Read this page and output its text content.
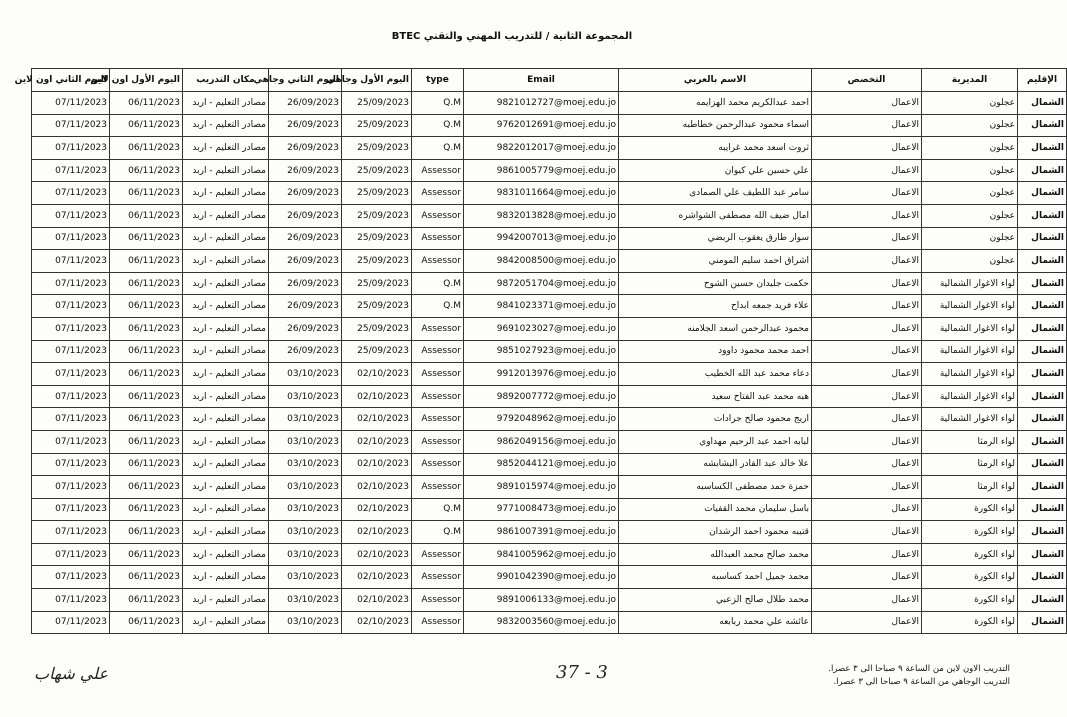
المجموعة الثانية / للتدريب المهني والتقني BTEC
الإقليم	المديرية	التخصص	الاسم بالعربي	Email	type	اليوم الأول وجاهي	اليوم الثاني وجاهي	مكان التدريب	اليوم الأول اون لاين	اليوم الثاني اون لاين
الشمال	عجلون	الاعمال	احمد عبدالكريم محمد الهزايمه	9821012727@moej.edu.jo	Q.M	25/09/2023	26/09/2023	مصادر التعليم - اربد	06/11/2023	07/11/2023
الشمال	عجلون	الاعمال	اسماء محمود عبدالرحمن خطاطبه	9762012691@moej.edu.jo	Q.M	25/09/2023	26/09/2023	مصادر التعليم - اربد	06/11/2023	07/11/2023
الشمال	عجلون	الاعمال	ثروت اسعد محمد غرايبه	9822012017@moej.edu.jo	Q.M	25/09/2023	26/09/2023	مصادر التعليم - اربد	06/11/2023	07/11/2023
الشمال	عجلون	الاعمال	علي حسين علي كيوان	9861005779@moej.edu.jo	Assessor	25/09/2023	26/09/2023	مصادر التعليم - اربد	06/11/2023	07/11/2023
الشمال	عجلون	الاعمال	سامر عبد اللطيف علي الصمادى	9831011664@moej.edu.jo	Assessor	25/09/2023	26/09/2023	مصادر التعليم - اربد	06/11/2023	07/11/2023
الشمال	عجلون	الاعمال	امال ضيف الله مصطفى الشواشره	9832013828@moej.edu.jo	Assessor	25/09/2023	26/09/2023	مصادر التعليم - اربد	06/11/2023	07/11/2023
الشمال	عجلون	الاعمال	سوار طارق يعقوب الربضي	9942007013@moej.edu.jo	Assessor	25/09/2023	26/09/2023	مصادر التعليم - اربد	06/11/2023	07/11/2023
الشمال	عجلون	الاعمال	اشراق احمد سليم المومني	9842008500@moej.edu.jo	Assessor	25/09/2023	26/09/2023	مصادر التعليم - اربد	06/11/2023	07/11/2023
الشمال	لواء الاغوار الشمالية	الاعمال	حكمت جليدان حسين الشوح	9872051704@moej.edu.jo	Q.M	25/09/2023	26/09/2023	مصادر التعليم - اربد	06/11/2023	07/11/2023
الشمال	لواء الاغوار الشمالية	الاعمال	علاء فريد جمعه ابداح	9841023371@moej.edu.jo	Q.M	25/09/2023	26/09/2023	مصادر التعليم - اربد	06/11/2023	07/11/2023
الشمال	لواء الاغوار الشمالية	الاعمال	محمود عبدالرحمن اسعد الجلامنه	9691023027@moej.edu.jo	Assessor	25/09/2023	26/09/2023	مصادر التعليم - اربد	06/11/2023	07/11/2023
الشمال	لواء الاغوار الشمالية	الاعمال	احمد محمد محمود داوود	9851027923@moej.edu.jo	Assessor	25/09/2023	26/09/2023	مصادر التعليم - اربد	06/11/2023	07/11/2023
الشمال	لواء الاغوار الشمالية	الاعمال	دعاء محمد عبد الله الخطيب	9912013976@moej.edu.jo	Assessor	02/10/2023	03/10/2023	مصادر التعليم - اربد	06/11/2023	07/11/2023
الشمال	لواء الاغوار الشمالية	الاعمال	هبه محمد عبد الفتاح سعيد	9892007772@moej.edu.jo	Assessor	02/10/2023	03/10/2023	مصادر التعليم - اربد	06/11/2023	07/11/2023
الشمال	لواء الاغوار الشمالية	الاعمال	اريج محمود صالح جرادات	9792048962@moej.edu.jo	Assessor	02/10/2023	03/10/2023	مصادر التعليم - اربد	06/11/2023	07/11/2023
الشمال	لواء الرمثا	الاعمال	لبابه احمد عبد الرحيم مهداوي	9862049156@moej.edu.jo	Assessor	02/10/2023	03/10/2023	مصادر التعليم - اربد	06/11/2023	07/11/2023
الشمال	لواء الرمثا	الاعمال	علا خالد عبد القادر البشابشه	9852044121@moej.edu.jo	Assessor	02/10/2023	03/10/2023	مصادر التعليم - اربد	06/11/2023	07/11/2023
الشمال	لواء الرمثا	الاعمال	حمزة حمد مصطفى الكساسبه	9891015974@moej.edu.jo	Assessor	02/10/2023	03/10/2023	مصادر التعليم - اربد	06/11/2023	07/11/2023
الشمال	لواء الكورة	الاعمال	باسل سليمان محمد القفيات	9771008473@moej.edu.jo	Q.M	02/10/2023	03/10/2023	مصادر التعليم - اربد	06/11/2023	07/11/2023
الشمال	لواء الكورة	الاعمال	قتيبه محمود احمد الرشدان	9861007391@moej.edu.jo	Q.M	02/10/2023	03/10/2023	مصادر التعليم - اربد	06/11/2023	07/11/2023
الشمال	لواء الكورة	الاعمال	محمد صالح محمد العبدالله	9841005962@moej.edu.jo	Assessor	02/10/2023	03/10/2023	مصادر التعليم - اربد	06/11/2023	07/11/2023
الشمال	لواء الكورة	الاعمال	محمد جميل احمد كساسبه	9901042390@moej.edu.jo	Assessor	02/10/2023	03/10/2023	مصادر التعليم - اربد	06/11/2023	07/11/2023
الشمال	لواء الكورة	الاعمال	محمد طلال صالح الزعبي	9891006133@moej.edu.jo	Assessor	02/10/2023	03/10/2023	مصادر التعليم - اربد	06/11/2023	07/11/2023
الشمال	لواء الكورة	الاعمال	عائشه علي محمد ربابعه	9832003560@moej.edu.jo	Assessor	02/10/2023	03/10/2023	مصادر التعليم - اربد	06/11/2023	07/11/2023
التدريب الاون لاين من الساعة ٩ صباحا الى ٣ عصرا.
التدريب الوجاهي من الساعة ٩ صباحا الى ٣ عصرا.
37 - 3
علي شهاب
